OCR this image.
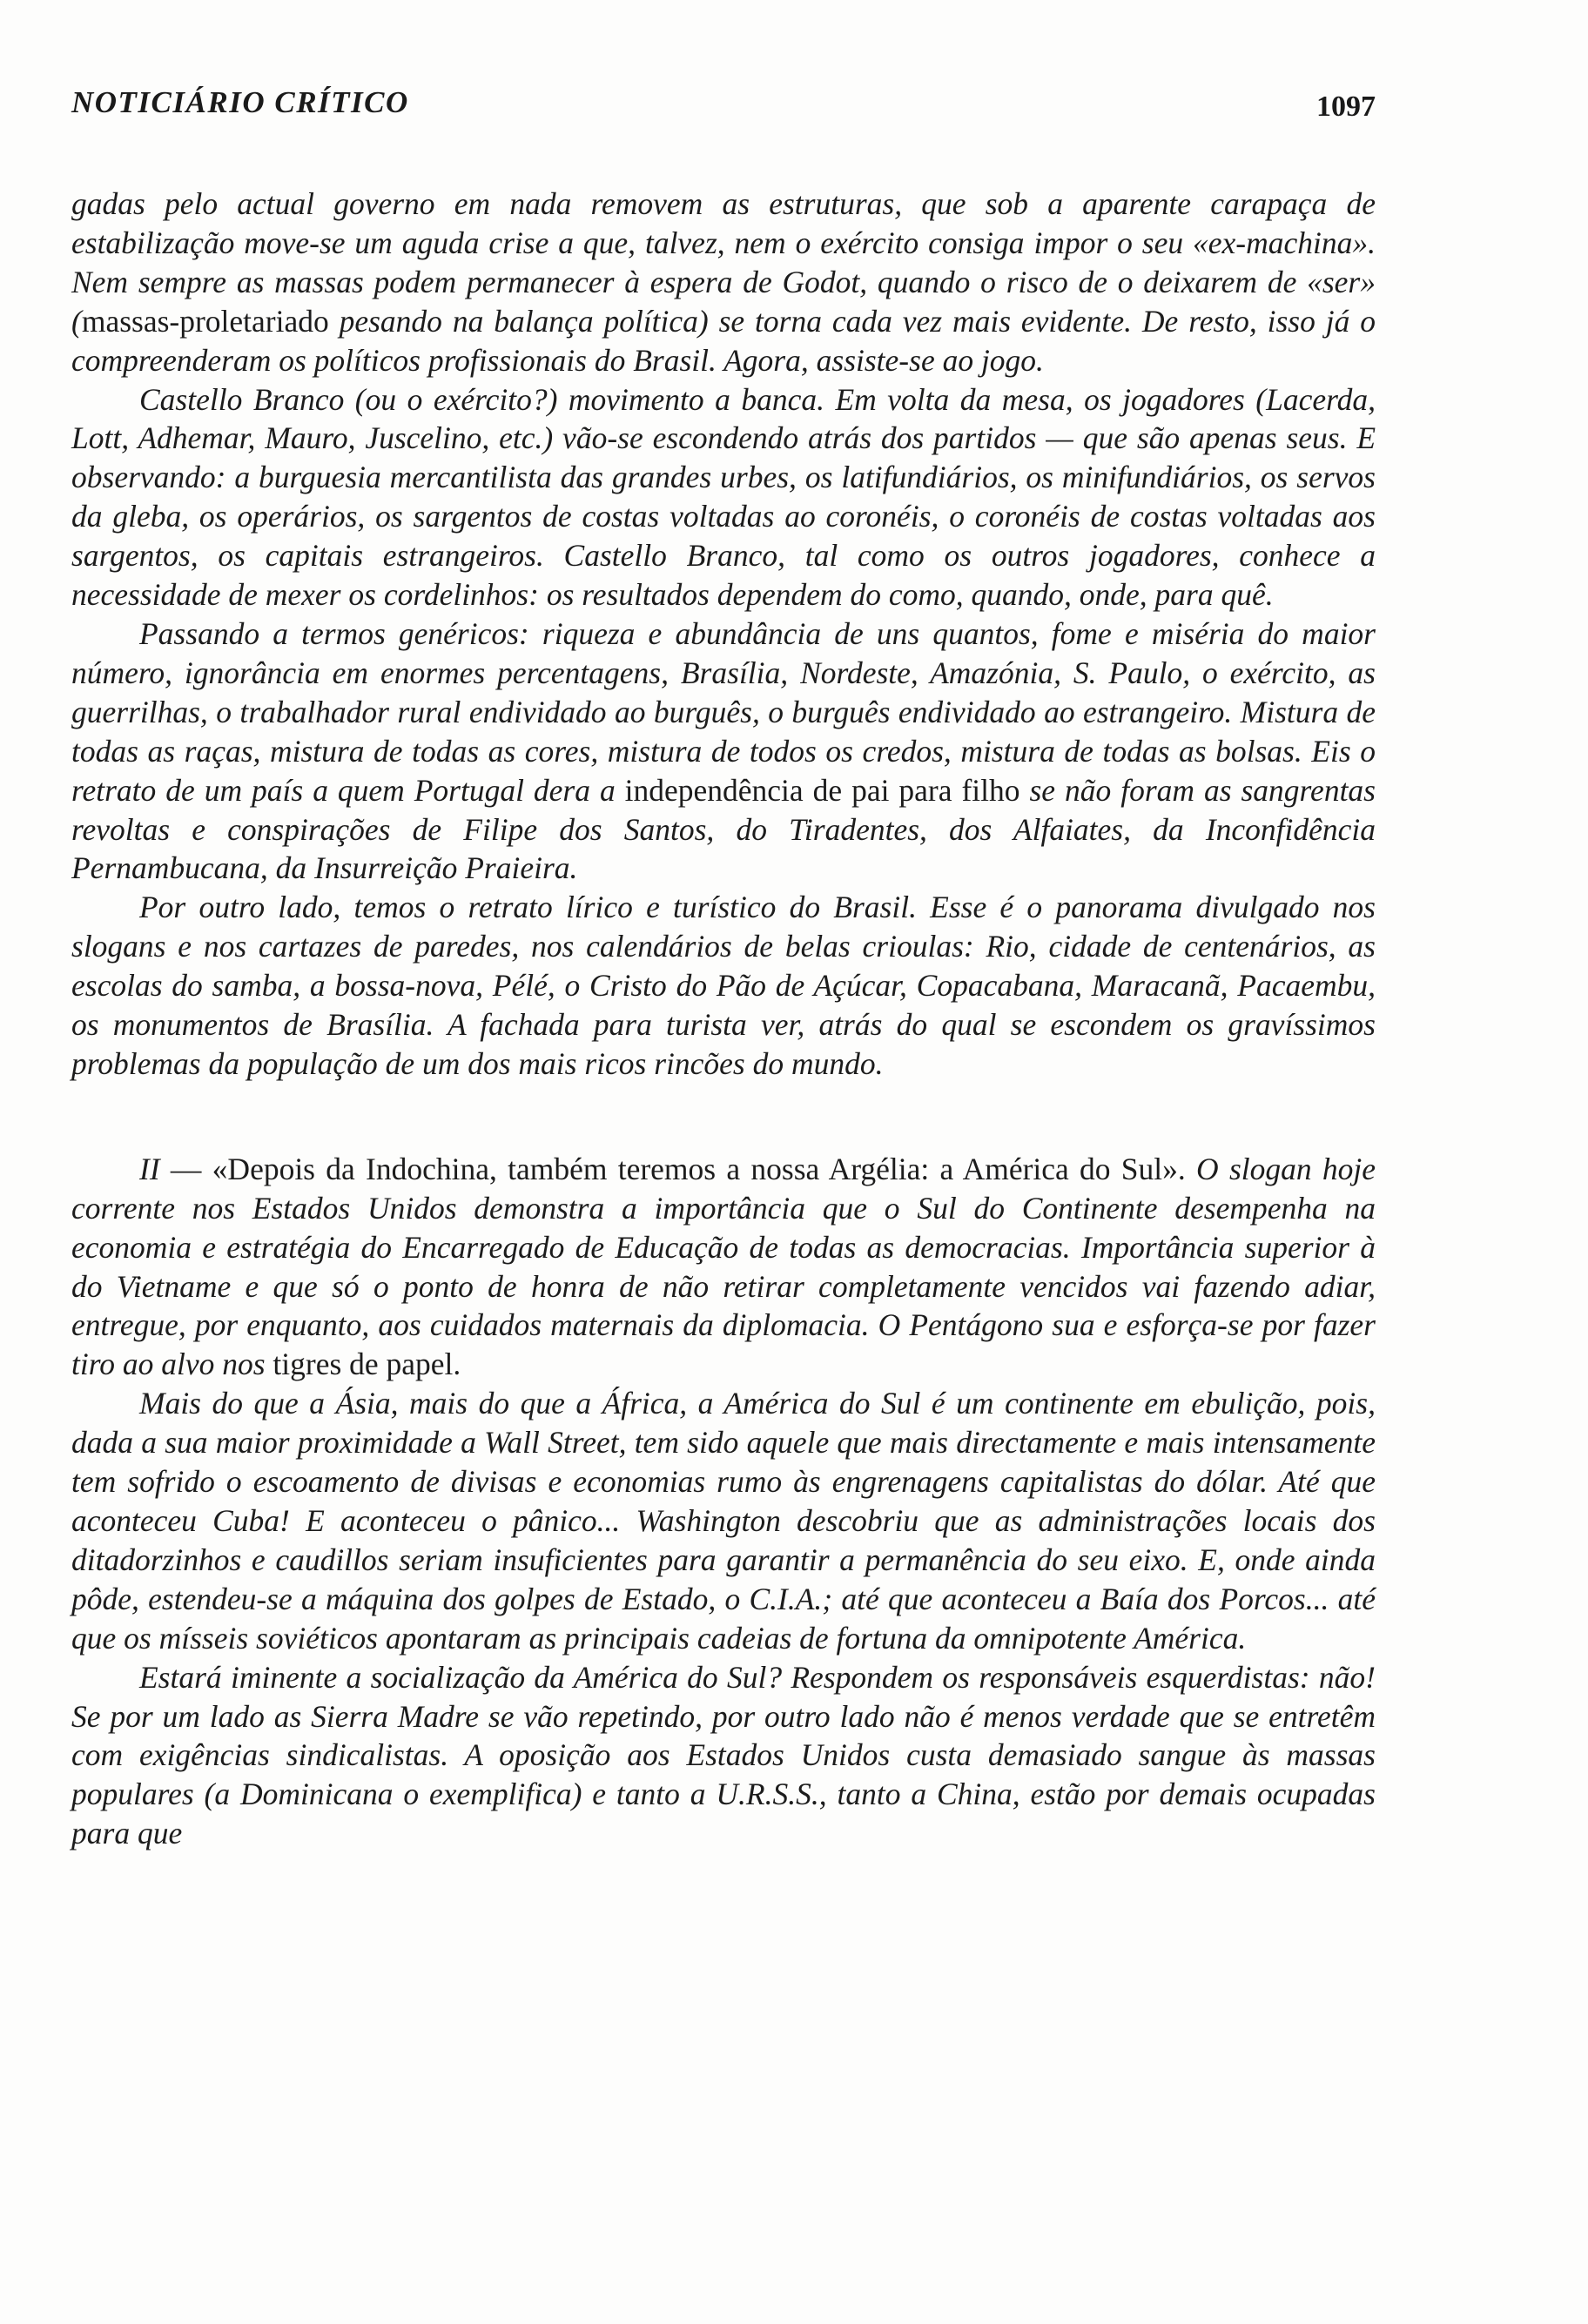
NOTICIÁRIO CRÍTICO	1097

gadas pelo actual governo em nada removem as estruturas, que sob a aparente carapaça de estabilização move-se um aguda crise a que, talvez, nem o exército consiga impor o seu «ex-machina». Nem sempre as massas podem permanecer à espera de Godot, quando o risco de o deixarem de «ser» (massas-proletariado pesando na balança política) se torna cada vez mais evidente. De resto, isso já o compreenderam os políticos profissionais do Brasil. Agora, assiste-se ao jogo.

Castello Branco (ou o exército?) movimento a banca. Em volta da mesa, os jogadores (Lacerda, Lott, Adhemar, Mauro, Juscelino, etc.) vão-se escondendo atrás dos partidos — que são apenas seus. E observando: a burguesia mercantilista das grandes urbes, os latifundiários, os minifundiários, os servos da gleba, os operários, os sargentos de costas voltadas ao coronéis, o coronéis de costas voltadas aos sargentos, os capitais estrangeiros. Castello Branco, tal como os outros jogadores, conhece a necessidade de mexer os cordelinhos: os resultados dependem do como, quando, onde, para quê.

Passando a termos genéricos: riqueza e abundância de uns quantos, fome e miséria do maior número, ignorância em enormes percentagens, Brasília, Nordeste, Amazónia, S. Paulo, o exército, as guerrilhas, o trabalhador rural endividado ao burguês, o burguês endividado ao estrangeiro. Mistura de todas as raças, mistura de todas as cores, mistura de todos os credos, mistura de todas as bolsas. Eis o retrato de um país a quem Portugal dera a independência de pai para filho se não foram as sangrentas revoltas e conspirações de Filipe dos Santos, do Tiradentes, dos Alfaiates, da Inconfidência Pernambucana, da Insurreição Praieira.

Por outro lado, temos o retrato lírico e turístico do Brasil. Esse é o panorama divulgado nos slogans e nos cartazes de paredes, nos calendários de belas crioulas: Rio, cidade de centenários, as escolas do samba, a bossa-nova, Pélé, o Cristo do Pão de Açúcar, Copacabana, Maracanã, Pacaembu, os monumentos de Brasília. A fachada para turista ver, atrás do qual se escondem os gravíssimos problemas da população de um dos mais ricos rincões do mundo.

II — «Depois da Indochina, também teremos a nossa Argélia: a América do Sul». O slogan hoje corrente nos Estados Unidos demonstra a importância que o Sul do Continente desempenha na economia e estratégia do Encarregado de Educação de todas as democracias. Importância superior à do Vietname e que só o ponto de honra de não retirar completamente vencidos vai fazendo adiar, entregue, por enquanto, aos cuidados maternais da diplomacia. O Pentágono sua e esforça-se por fazer tiro ao alvo nos tigres de papel.

Mais do que a Ásia, mais do que a África, a América do Sul é um continente em ebulição, pois, dada a sua maior proximidade a Wall Street, tem sido aquele que mais directamente e mais intensamente tem sofrido o escoamento de divisas e economias rumo às engrenagens capitalistas do dólar. Até que aconteceu Cuba! E aconteceu o pânico... Washington descobriu que as administrações locais dos ditadorzinhos e caudillos seriam insuficientes para garantir a permanência do seu eixo. E, onde ainda pôde, estendeu-se a máquina dos golpes de Estado, o C.I.A.; até que aconteceu a Baía dos Porcos... até que os mísseis soviéticos apontaram as principais cadeias de fortuna da omnipotente América.

Estará iminente a socialização da América do Sul? Respondem os responsáveis esquerdistas: não! Se por um lado as Sierra Madre se vão repetindo, por outro lado não é menos verdade que se entretêm com exigências sindicalistas. A oposição aos Estados Unidos custa demasiado sangue às massas populares (a Dominicana o exemplifica) e tanto a U.R.S.S., tanto a China, estão por demais ocupadas para que
